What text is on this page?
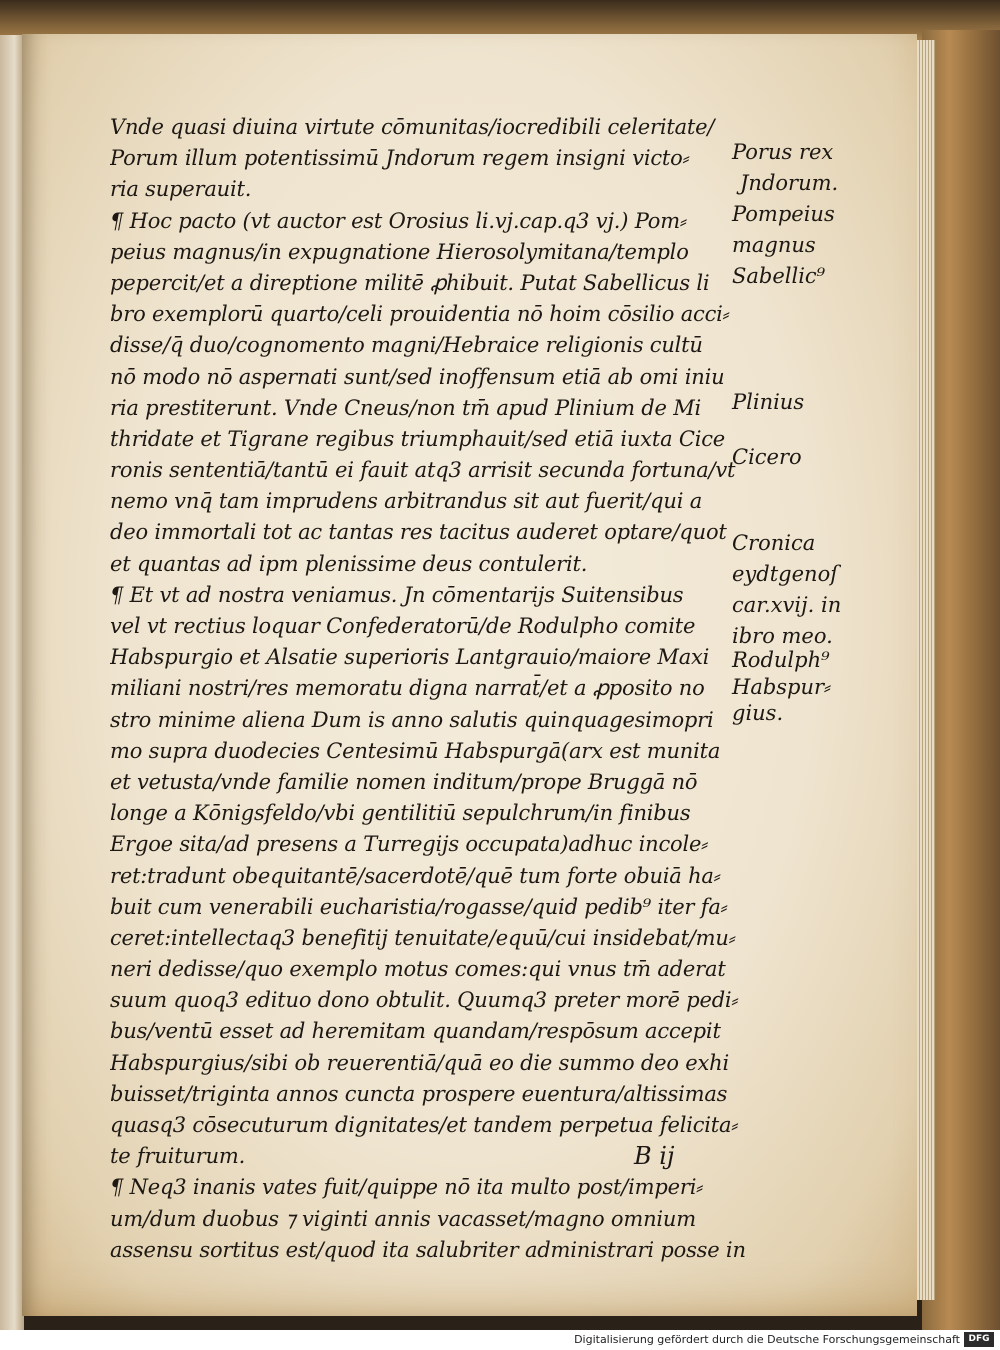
Vnde quasi diuina virtute cōmunitas/iocredibili celeritate/
Porum illum potentissimū Jndorum regem insigni victo⸗
ria superauit.
¶ Hoc pacto (vt auctor est Orosius li.vj.cap.q3 vj.) Pom⸗
peius magnus/in expugnatione Hierosolymitana/templo
pepercit/et a direptione militē ꝓhibuit. Putat Sabellicus li
bro exemplorū quarto/celi prouidentia nō hoim cōsilio acci⸗
disse/q̄ duo/cognomento magni/Hebraice religionis cultū
nō modo nō aspernati sunt/sed inoffensum etiā ab omi iniu
ria prestiterunt. Vnde Cneus/non tm̄ apud Plinium de Mi
thridate et Tigrane regibus triumphauit/sed etiā iuxta Cice
ronis sententiā/tantū ei fauit atq3 arrisit secunda fortuna/vt
nemo vnq̄ tam imprudens arbitrandus sit aut fuerit/qui a
deo immortali tot ac tantas res tacitus auderet optare/quot
et quantas ad ipm plenissime deus contulerit.
¶ Et vt ad nostra veniamus. Jn cōmentarijs Suitensibus
vel vt rectius loquar Confederatorū/de Rodulpho comite
Habspurgio et Alsatie superioris Lantgrauio/maiore Maxi
miliani nostri/res memoratu digna narrat̄/et a ꝓposito no
stro minime aliena Dum is anno salutis quinquagesimopri
mo supra duodecies Centesimū Habspurgā(arx est munita
et vetusta/vnde familie nomen inditum/prope Bruggā nō
longe a Kōnigsfeldo/vbi gentilitiū sepulchrum/in finibus
Ergoe sita/ad presens a Turregijs occupata)adhuc incole⸗
ret:tradunt obequitantē/sacerdotē/quē tum forte obuiā ha⸗
buit cum venerabili eucharistia/rogasse/quid pedib⁹ iter fa⸗
ceret:intellectaq3 benefitij tenuitate/equū/cui insidebat/mu⸗
neri dedisse/quo exemplo motus comes:qui vnus tm̄ aderat
suum quoq3 edituo dono obtulit. Quumq3 preter morē pedi⸗
bus/ventū esset ad heremitam quandam/respōsum accepit
Habspurgius/sibi ob reuerentiā/quā eo die summo deo exhi
buisset/triginta annos cuncta prospere euentura/altissimas
quasq3 cōsecuturum dignitates/et tandem perpetua felicita⸗
te fruiturum.
¶ Neq3 inanis vates fuit/quippe nō ita multo post/imperi⸗
um/dum duobus ⁊ viginti annis vacasset/magno omnium
assensu sortitus est/quod ita salubriter administrari posse in
Porus rex
Jndorum.
Pompeius
magnus
Sabellic⁹
Plinius
Cicero
Cronica
eydtgenoſ
car.xvij. in
ibro meo.
Rodulph⁹
Habspur⸗
gius.
B ij
Digitalisierung gefördert durch die Deutsche Forschungsgemeinschaft DFG
